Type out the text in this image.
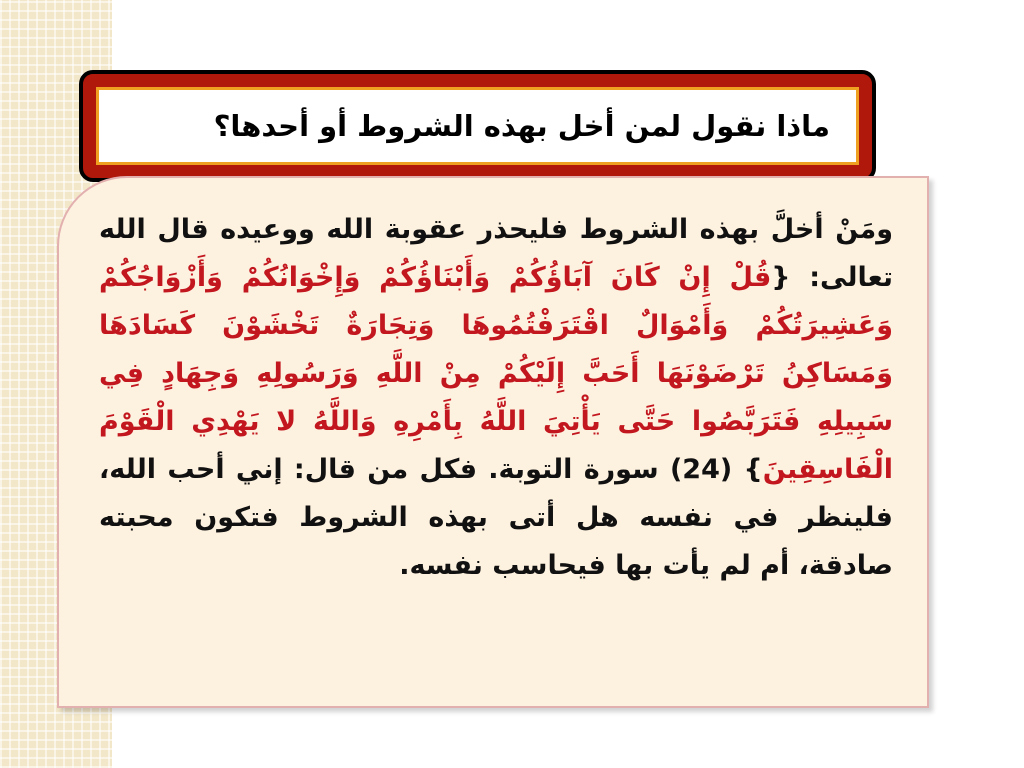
ماذا نقول لمن أخل بهذه الشروط أو أحدها؟
ومَنْ أخلَّ بهذه الشروط فليحذر عقوبة الله ووعيده قال الله تعالى: {قُلْ إِنْ كَانَ آبَاؤُكُمْ وَأَبْنَاؤُكُمْ وَإِخْوَانُكُمْ وَأَزْوَاجُكُمْ وَعَشِيرَتُكُمْ وَأَمْوَالٌ اقْتَرَفْتُمُوهَا وَتِجَارَةٌ تَخْشَوْنَ كَسَادَهَا وَمَسَاكِنُ تَرْضَوْنَهَا أَحَبَّ إِلَيْكُمْ مِنْ اللَّهِ وَرَسُولِهِ وَجِهَادٍ فِي سَبِيلِهِ فَتَرَبَّصُوا حَتَّى يَأْتِيَ اللَّهُ بِأَمْرِهِ وَاللَّهُ لا يَهْدِي الْقَوْمَ الْفَاسِقِينَ} (24) سورة التوبة. فكل من قال: إني أحب الله، فلينظر في نفسه هل أتى بهذه الشروط فتكون محبته صادقة، أم لم يأت بها فيحاسب نفسه.
